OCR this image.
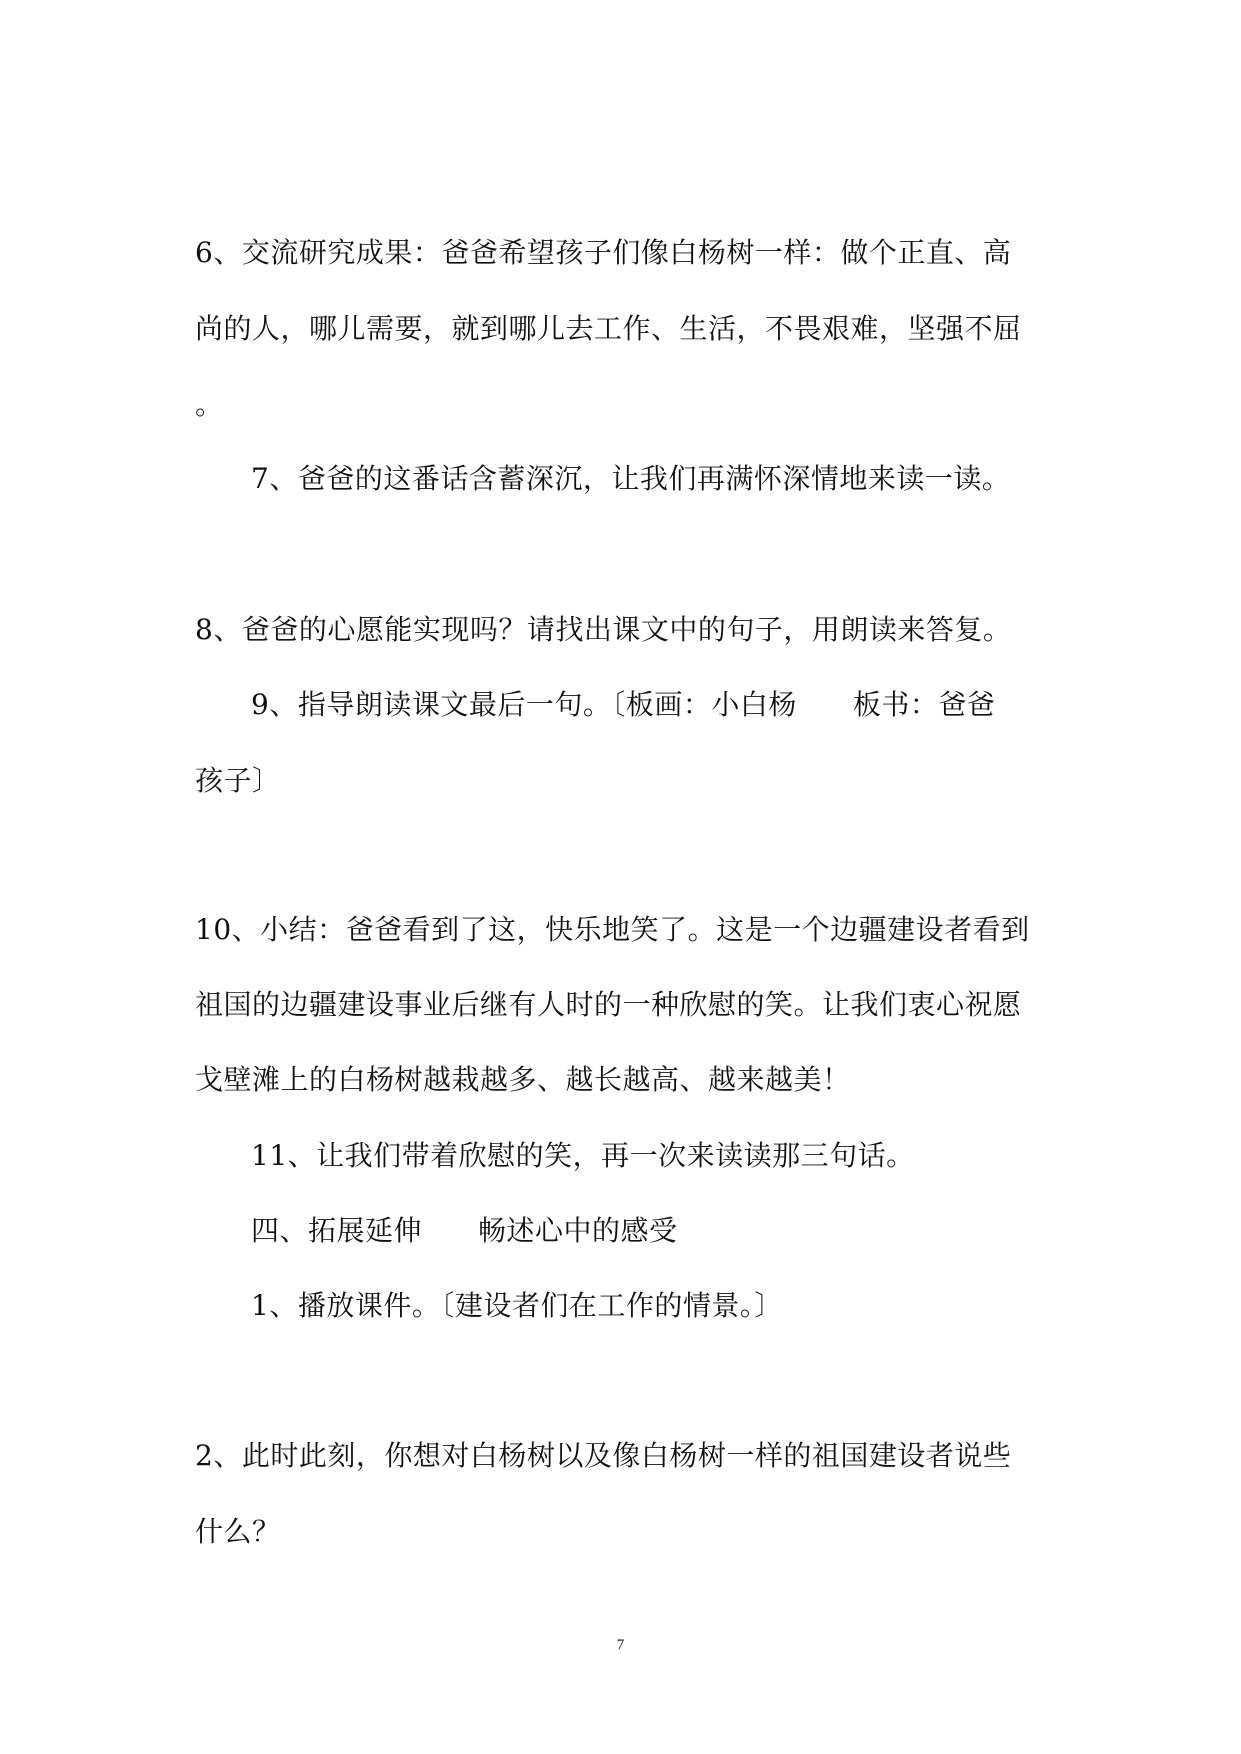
6、交流研究成果：爸爸希望孩子们像白杨树一样：做个正直、高
尚的人，哪儿需要，就到哪儿去工作、生活，不畏艰难，坚强不屈
。
7、爸爸的这番话含蓄深沉，让我们再满怀深情地来读一读。
8、爸爸的心愿能实现吗？请找出课文中的句子，用朗读来答复。
9、指导朗读课文最后一句。〔板画：小白杨 板书：爸爸
孩子〕
10、小结：爸爸看到了这，快乐地笑了。这是一个边疆建设者看到
祖国的边疆建设事业后继有人时的一种欣慰的笑。让我们衷心祝愿
戈壁滩上的白杨树越栽越多、越长越高、越来越美！
11、让我们带着欣慰的笑，再一次来读读那三句话。
四、拓展延伸 畅述心中的感受
1、播放课件。〔建设者们在工作的情景。〕
2、此时此刻，你想对白杨树以及像白杨树一样的祖国建设者说些
什么？
7
